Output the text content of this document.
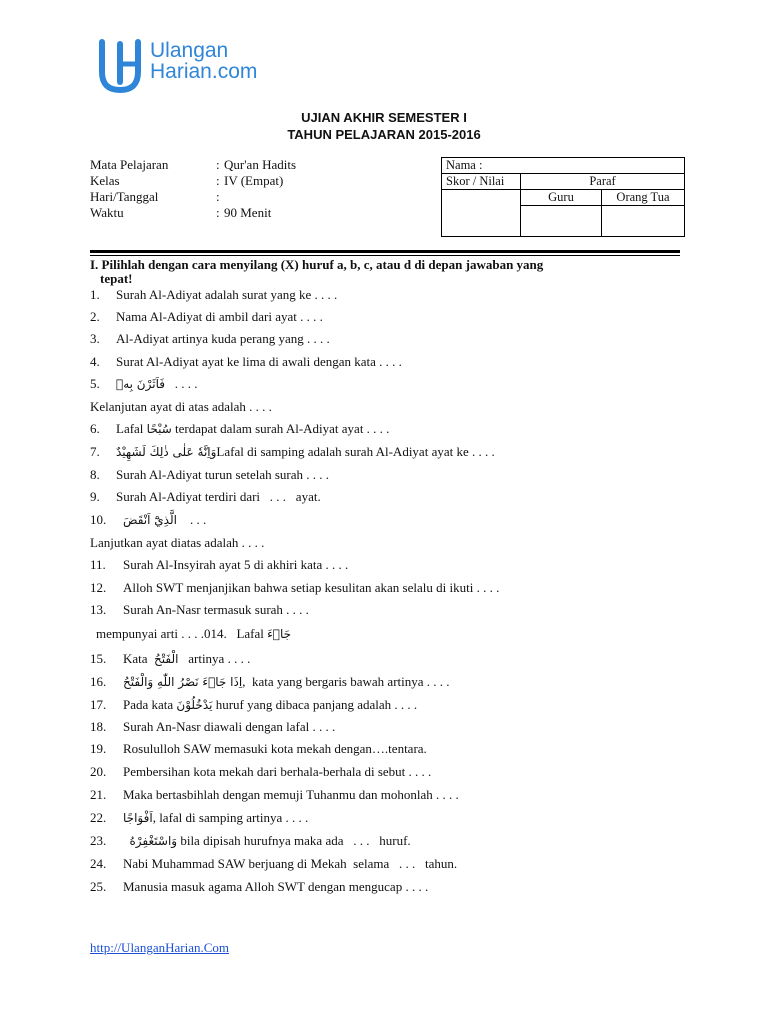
Ulangan
Harian.com
UJIAN AKHIR SEMESTER I
TAHUN PELAJARAN 2015-2016
Mata Pelajaran	: Qur'an Hadits
Kelas	: IV (Empat)
Hari/Tanggal	:
Waktu	: 90 Menit
Nama :		
Skor / Nilai	Paraf	
	Guru	Orang Tua

I. Pilihlah dengan cara menyilang (X) huruf a, b, c, atau d di depan jawaban yang
tepat!
1. Surah Al-Adiyat adalah surat yang ke . . . .
2. Nama Al-Adiyat di ambil dari ayat . . . .
3. Al-Adiyat artinya kuda perang yang . . . .
4. Surat Al-Adiyat ayat ke lima di awali dengan kata . . . .
5. فَاَثَرْنَ بِهٖ . . . .
Kelanjutan ayat di atas adalah . . . .
6. Lafal سُبْحًا terdapat dalam surah Al-Adiyat ayat . . . .
7. وَاِنَّهٗ عَلٰى ذٰلِكَ لَشَهِيْدٌLafal di samping adalah surah Al-Adiyat ayat ke . . . .
8. Surah Al-Adiyat turun setelah surah . . . .
9. Surah Al-Adiyat terdiri dari   . . .   ayat.
10. الَّذِيْٓ اَنْقَضَ . . .
Lanjutkan ayat diatas adalah . . . .
11. Surah Al-Insyirah ayat 5 di akhiri kata . . . .
12. Alloh SWT menjanjikan bahwa setiap kesulitan akan selalu di ikuti . . . .
13. Surah An-Nasr termasuk surah . . . .
mempunyai arti . . . .014.   Lafal جَاۤءَ
15. Kata الْفَتْحُ artinya . . . .
16. اِذَا جَاۤءَ نَصْرُ اللّٰهِ وَالْفَتْحُ,  kata yang bergaris bawah artinya . . . .
17. Pada kata يَدْخُلُوْنَ huruf yang dibaca panjang adalah . . . .
18. Surah An-Nasr diawali dengan lafal . . . .
19. Rosululloh SAW memasuki kota mekah dengan….tentara.
20. Pembersihan kota mekah dari berhala-berhala di sebut . . . .
21. Maka bertasbihlah dengan memuji Tuhanmu dan mohonlah . . . .
22. اَفْوَاجًا, lafal di samping artinya . . . .
23. وَاسْتَغْفِرْهُ bila dipisah hurufnya maka ada   . . .   huruf.
24. Nabi Muhammad SAW berjuang di Mekah  selama   . . .   tahun.
25. Manusia masuk agama Alloh SWT dengan mengucap . . . .
http://UlanganHarian.Com
